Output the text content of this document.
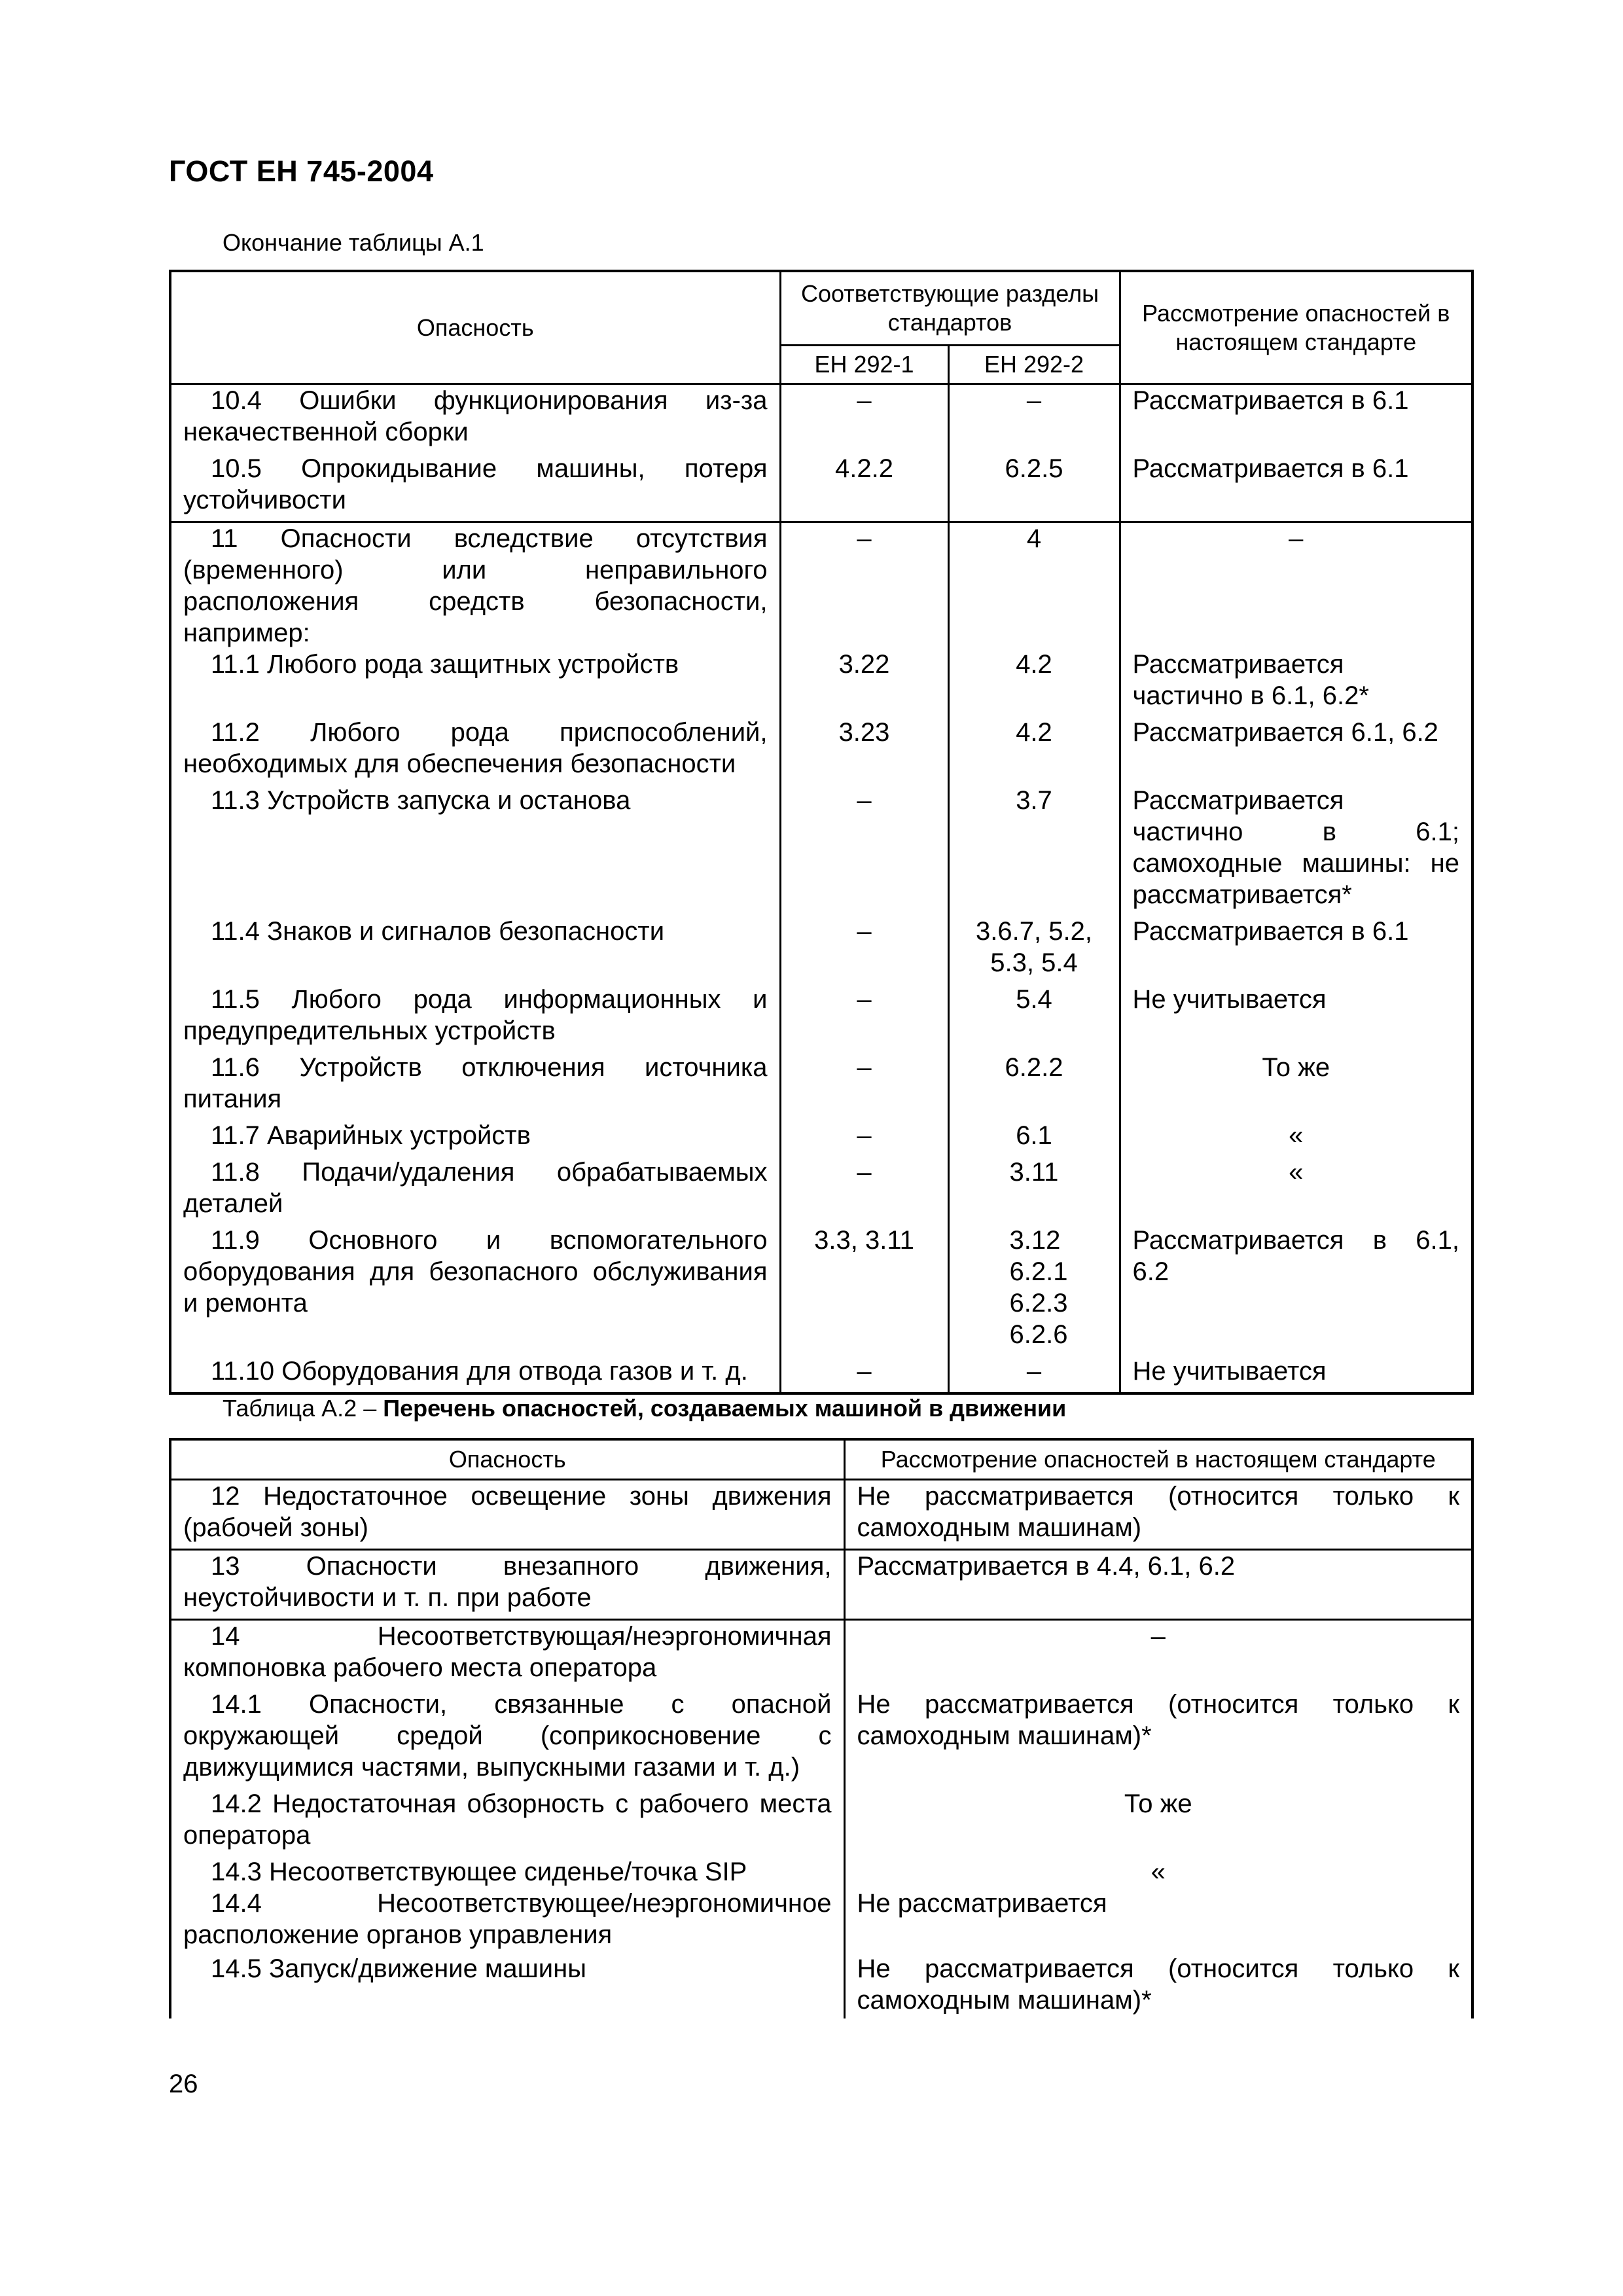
ГОСТ ЕН 745-2004
Окончание таблицы А.1
Опасность	Соответствующие разделы стандартов		Рассмотрение опасностей в настоящем стандарте
	ЕН 292-1	ЕН 292-2	
10.4 Ошибки функционирования из-за некачественной сборки	–	–	Рассматривается в 6.1
10.5 Опрокидывание машины, потеря устойчивости	4.2.2	6.2.5	Рассматривается в 6.1
11 Опасности вследствие отсутствия (временного) или неправильного расположения средств безопасности, например:	–	4	–
11.1 Любого рода защитных устройств	3.22	4.2	Рассматривается частично в 6.1, 6.2*
11.2 Любого рода приспособлений, необходимых для обеспечения безопасности	3.23	4.2	Рассматривается 6.1, 6.2
11.3 Устройств запуска и останова	–	3.7	Рассматривается частично в 6.1; самоходные машины: не рассматривается*
11.4 Знаков и сигналов безопасности	–	3.6.7, 5.2, 5.3, 5.4	Рассматривается в 6.1
11.5 Любого рода информационных и предупредительных устройств	–	5.4	Не учитывается
11.6 Устройств отключения источника питания	–	6.2.2	То же
11.7 Аварийных устройств	–	6.1	«
11.8 Подачи/удаления обрабатываемых деталей	–	3.11	«
11.9 Основного и вспомогательного оборудования для безопасного обслуживания и ремонта	3.3, 3.11	3.12 6.2.1 6.2.3 6.2.6	Рассматривается в 6.1, 6.2
11.10 Оборудования для отвода газов и т. д.	–	–	Не учитывается
Таблица А.2 – Перечень опасностей, создаваемых машиной в движении
Опасность	Рассмотрение опасностей в настоящем стандарте
12 Недостаточное освещение зоны движения (рабочей зоны)	Не рассматривается (относится только к самоходным машинам)
13 Опасности внезапного движения, неустойчивости и т. п. при работе	Рассматривается в 4.4, 6.1, 6.2
14 Несоответствующая/неэргономичная компоновка рабочего места оператора	–
14.1 Опасности, связанные с опасной окружающей средой (соприкосновение с движущимися частями, выпускными газами и т. д.)	Не рассматривается (относится только к самоходным машинам)*
14.2 Недостаточная обзорность с рабочего места оператора	То же
14.3 Несоответствующее сиденье/точка SIP	«
14.4 Несоответствующее/неэргономичное расположение органов управления	Не рассматривается
14.5 Запуск/движение машины	Не рассматривается (относится только к самоходным машинам)*
26
